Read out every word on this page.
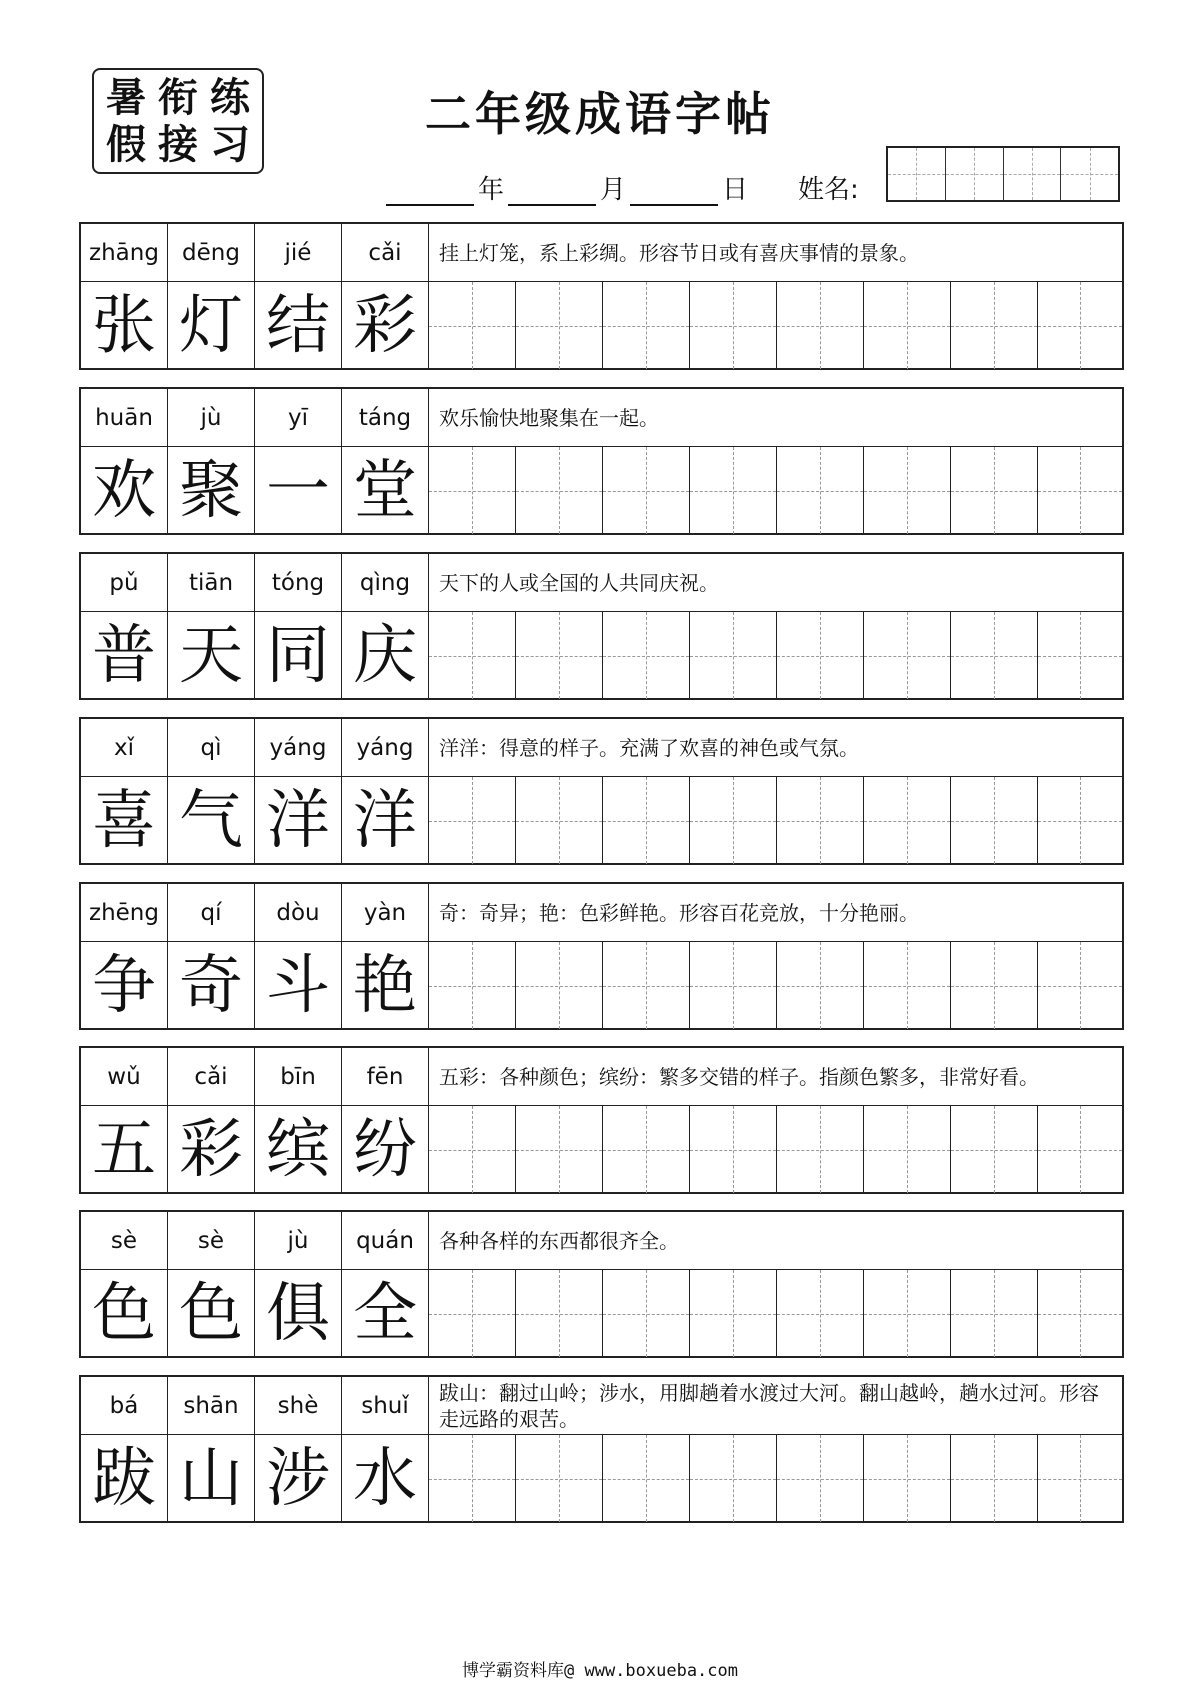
暑 衔 练
假 接 习
二年级成语字帖
年	月	日 姓名:
zhāng	dēng	jié	cǎi	挂上灯笼，系上彩绸。形容节日或有喜庆事情的景象。
张 灯 结 彩
huān	jù	yī	táng	欢乐愉快地聚集在一起。
欢 聚 一 堂
pǔ	tiān	tóng	qìng	天下的人或全国的人共同庆祝。
普 天 同 庆
xǐ	qì	yáng	yáng	洋洋：得意的样子。充满了欢喜的神色或气氛。
喜 气 洋 洋
zhēng	qí	dòu	yàn	奇：奇异；艳：色彩鲜艳。形容百花竞放，十分艳丽。
争 奇 斗 艳
wǔ	cǎi	bīn	fēn	五彩：各种颜色；缤纷：繁多交错的样子。指颜色繁多，非常好看。
五 彩 缤 纷
sè	sè	jù	quán	各种各样的东西都很齐全。
色 色 俱 全
bá	shān	shè	shuǐ	跋山：翻过山岭；涉水，用脚趟着水渡过大河。翻山越岭，趟水过河。形容走远路的艰苦。
跋 山 涉 水
博学霸资料库@ www.boxueba.com
